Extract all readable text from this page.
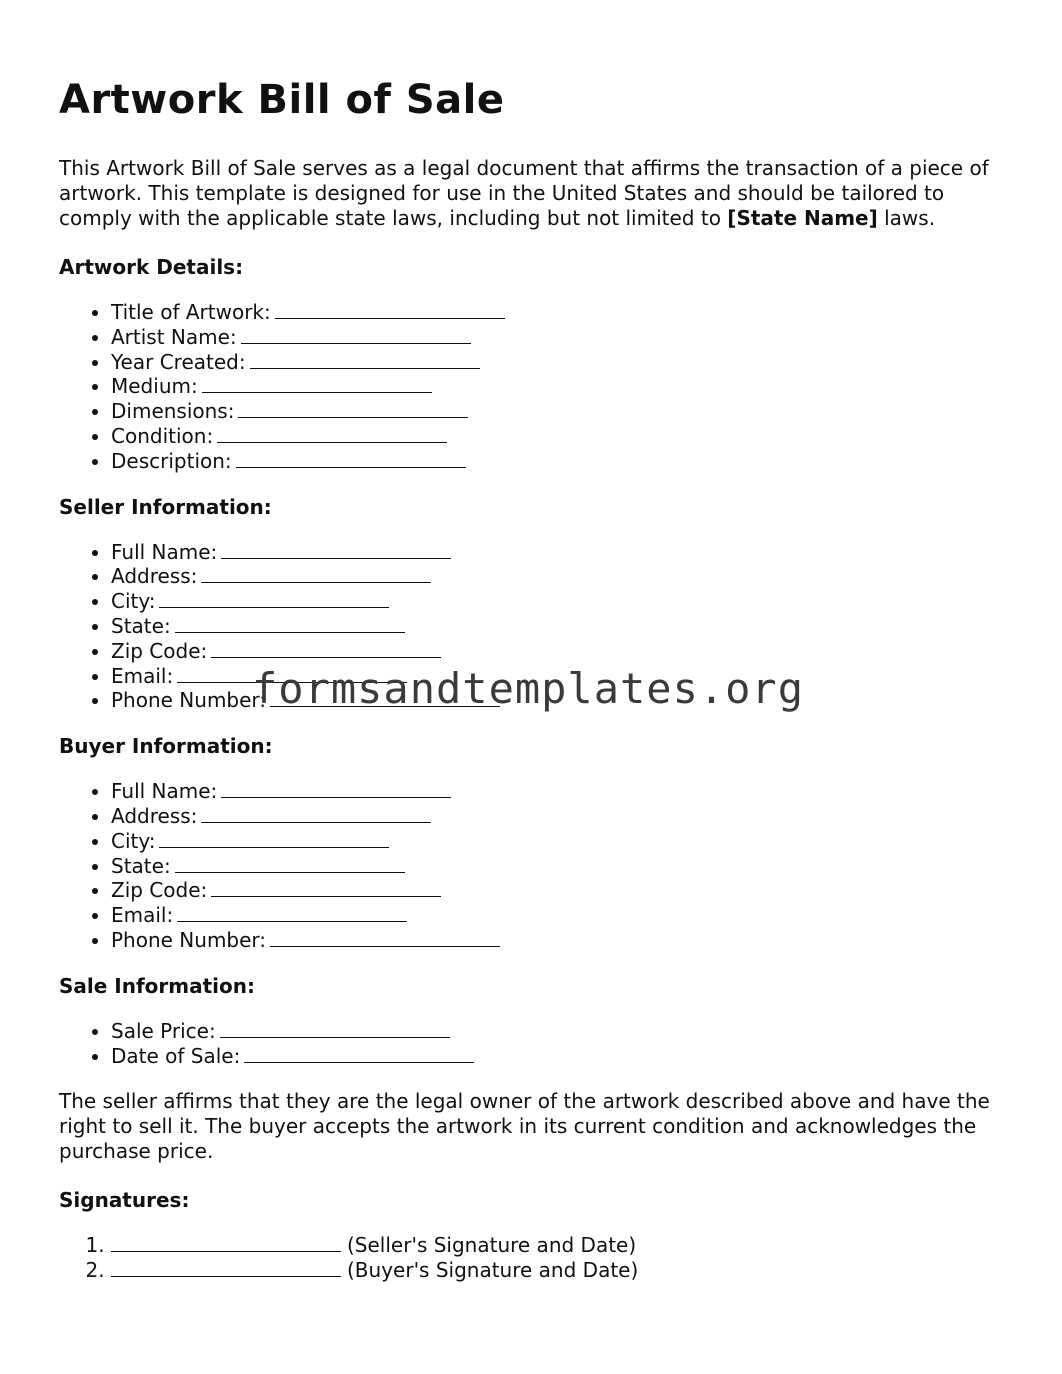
Artwork Bill of Sale

This Artwork Bill of Sale serves as a legal document that affirms the transaction of a piece of artwork. This template is designed for use in the United States and should be tailored to comply with the applicable state laws, including but not limited to [State Name] laws.

Artwork Details:
• Title of Artwork:
• Artist Name:
• Year Created:
• Medium:
• Dimensions:
• Condition:
• Description:
Seller Information:
• Full Name:
• Address:
• City:
• State:
• Zip Code:
• Email:
• Phone Number:
Buyer Information:
• Full Name:
• Address:
• City:
• State:
• Zip Code:
• Email:
• Phone Number:
Sale Information:
• Sale Price:
• Date of Sale:

The seller affirms that they are the legal owner of the artwork described above and have the right to sell it. The buyer accepts the artwork in its current condition and acknowledges the purchase price.

Signatures:
1. (Seller's Signature and Date)
2. (Buyer's Signature and Date)
formsandtemplates.org
